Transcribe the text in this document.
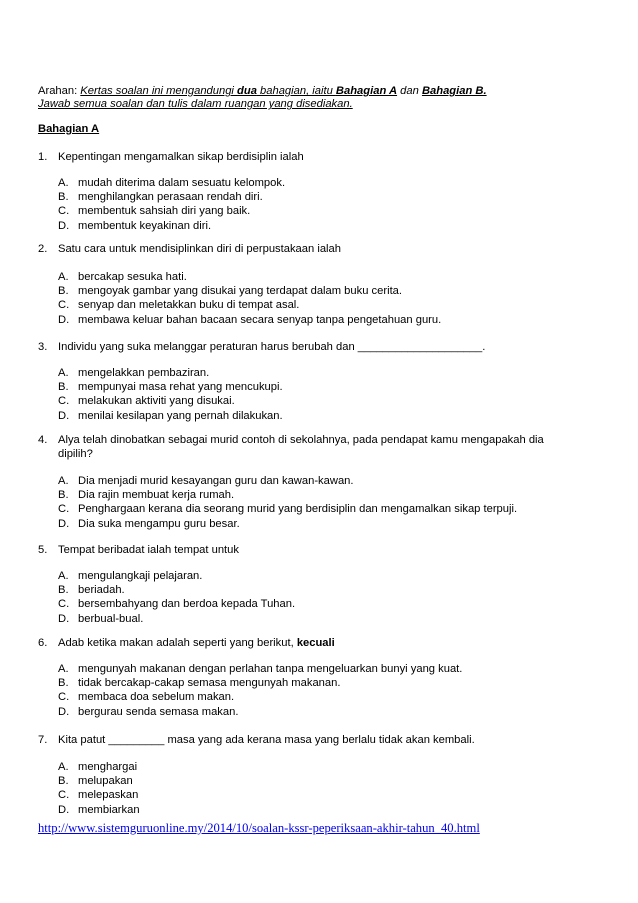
Arahan: Kertas soalan ini mengandungi dua bahagian, iaitu Bahagian A dan Bahagian B.
Jawab semua soalan dan tulis dalam ruangan yang disediakan.
Bahagian A
1. Kepentingan mengamalkan sikap berdisiplin ialah
A. mudah diterima dalam sesuatu kelompok.
B. menghilangkan perasaan rendah diri.
C. membentuk sahsiah diri yang baik.
D. membentuk keyakinan diri.
2. Satu cara untuk mendisiplinkan diri di perpustakaan ialah
A. bercakap sesuka hati.
B. mengoyak gambar yang disukai yang terdapat dalam buku cerita.
C. senyap dan meletakkan buku di tempat asal.
D. membawa keluar bahan bacaan secara senyap tanpa pengetahuan guru.
3. Individu yang suka melanggar peraturan harus berubah dan ____________________.
A. mengelakkan pembaziran.
B. mempunyai masa rehat yang mencukupi.
C. melakukan aktiviti yang disukai.
D. menilai kesilapan yang pernah dilakukan.
4. Alya telah dinobatkan sebagai murid contoh di sekolahnya, pada pendapat kamu mengapakah dia
dipilih?
A. Dia menjadi murid kesayangan guru dan kawan-kawan.
B. Dia rajin membuat kerja rumah.
C. Penghargaan kerana dia seorang murid yang berdisiplin dan mengamalkan sikap terpuji.
D. Dia suka mengampu guru besar.
5. Tempat beribadat ialah tempat untuk
A. mengulangkaji pelajaran.
B. beriadah.
C. bersembahyang dan berdoa kepada Tuhan.
D. berbual-bual.
6. Adab ketika makan adalah seperti yang berikut, kecuali
A. mengunyah makanan dengan perlahan tanpa mengeluarkan bunyi yang kuat.
B. tidak bercakap-cakap semasa mengunyah makanan.
C. membaca doa sebelum makan.
D. bergurau senda semasa makan.
7. Kita patut _________ masa yang ada kerana masa yang berlalu tidak akan kembali.
A. menghargai
B. melupakan
C. melepaskan
D. membiarkan
http://www.sistemguruonline.my/2014/10/soalan-kssr-peperiksaan-akhir-tahun_40.html
